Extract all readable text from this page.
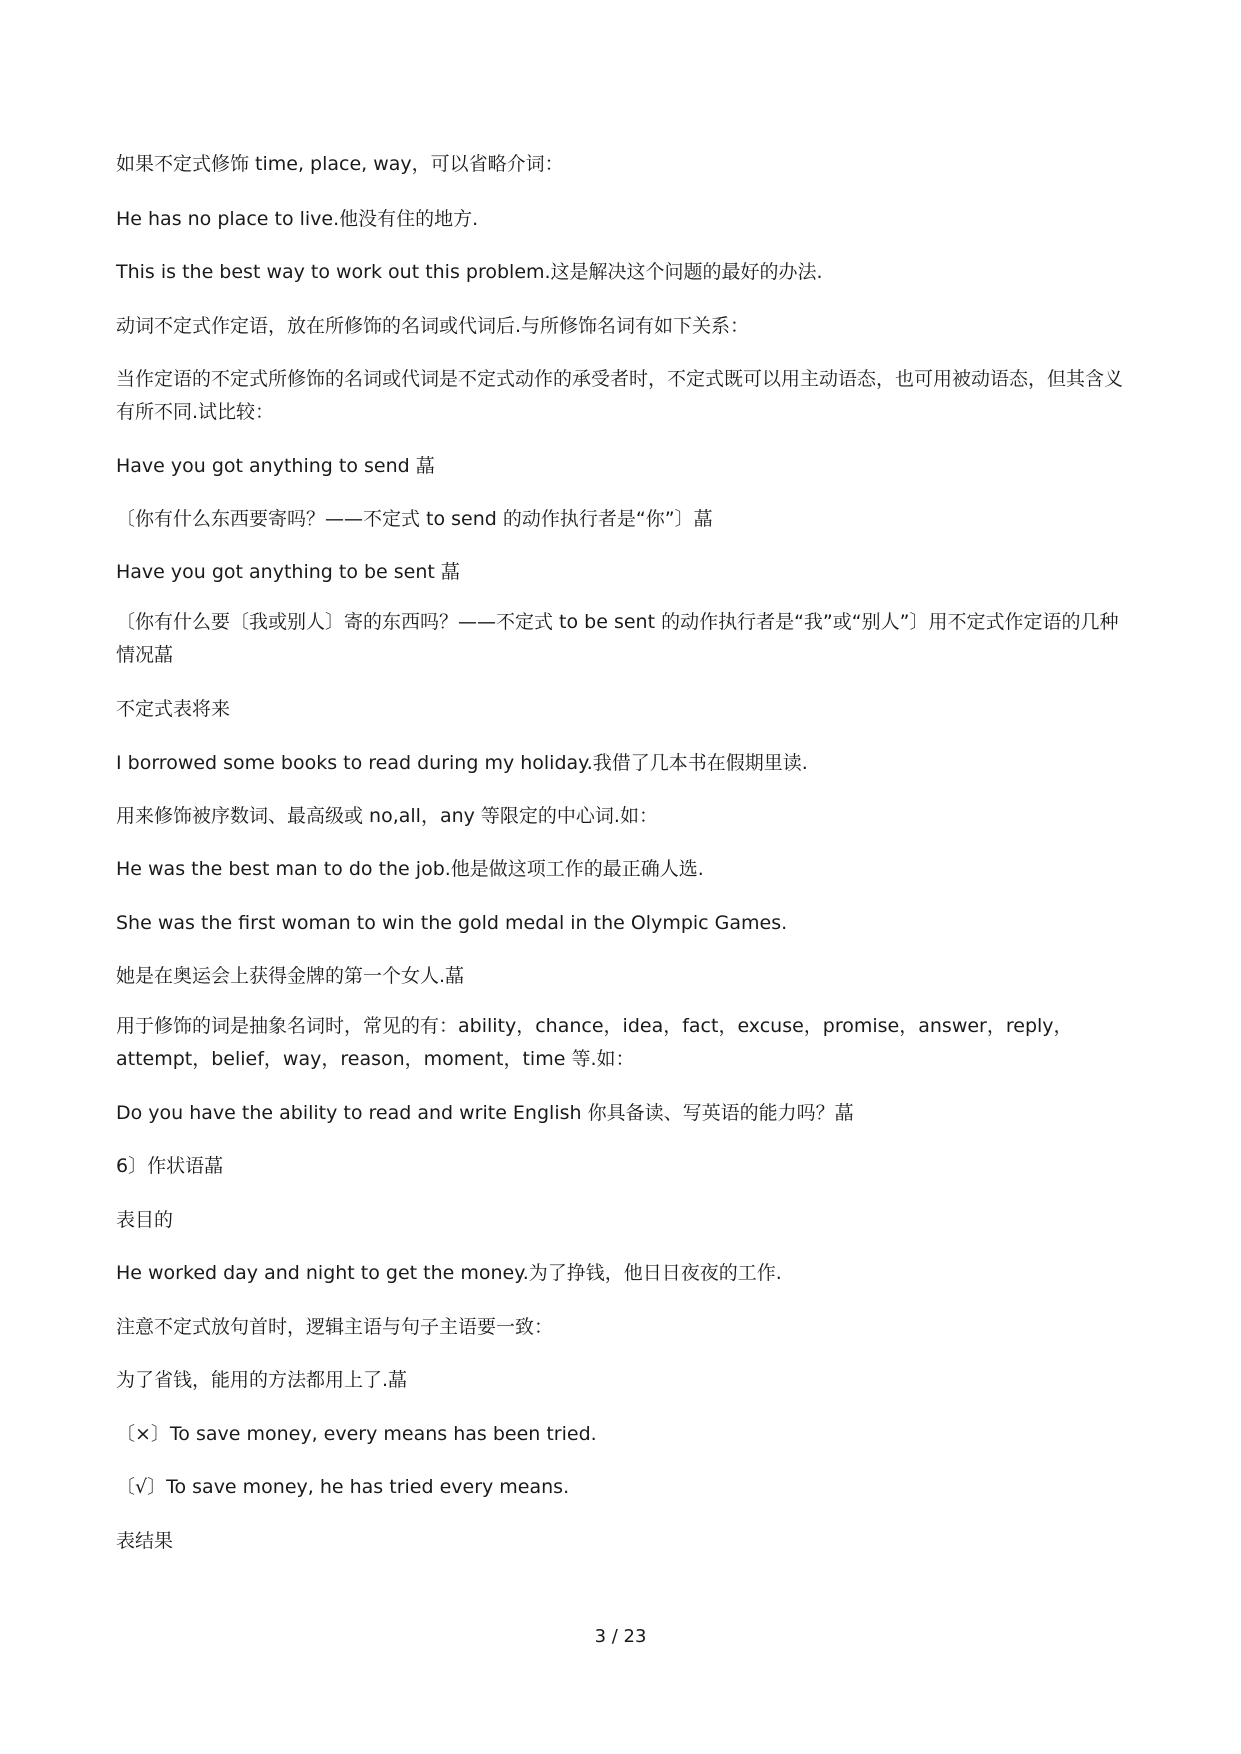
如果不定式修饰 time, place, way，可以省略介词：

He has no place to live.他没有住的地方.

This is the best way to work out this problem.这是解决这个问题的最好的办法.

动词不定式作定语，放在所修饰的名词或代词后.与所修饰名词有如下关系：

当作定语的不定式所修饰的名词或代词是不定式动作的承受者时，不定式既可以用主动语态，也可用被动语态，但其含义有所不同.试比较：

Have you got anything to send 蕌

〔你有什么东西要寄吗？——不定式 to send 的动作执行者是“你”〕蕌

Have you got anything to be sent 蕌

〔你有什么要〔我或别人〕寄的东西吗？——不定式 to be sent 的动作执行者是“我”或“别人”〕用不定式作定语的几种情况蕌

不定式表将来

I borrowed some books to read during my holiday.我借了几本书在假期里读.

用来修饰被序数词、最高级或 no,all，any 等限定的中心词.如：

He was the best man to do the job.他是做这项工作的最正确人选.

She was the first woman to win the gold medal in the Olympic Games.

她是在奥运会上获得金牌的第一个女人.蕌

用于修饰的词是抽象名词时，常见的有：ability，chance，idea，fact，excuse，promise，answer，reply，attempt，belief，way，reason，moment，time 等.如：

Do you have the ability to read and write English 你具备读、写英语的能力吗？蕌

6〕作状语蕌

表目的

He worked day and night to get the money.为了挣钱，他日日夜夜的工作.

注意不定式放句首时，逻辑主语与句子主语要一致：

为了省钱，能用的方法都用上了.蕌

〔×〕To save money, every means has been tried.

〔√〕To save money, he has tried every means.

表结果

3 / 23
